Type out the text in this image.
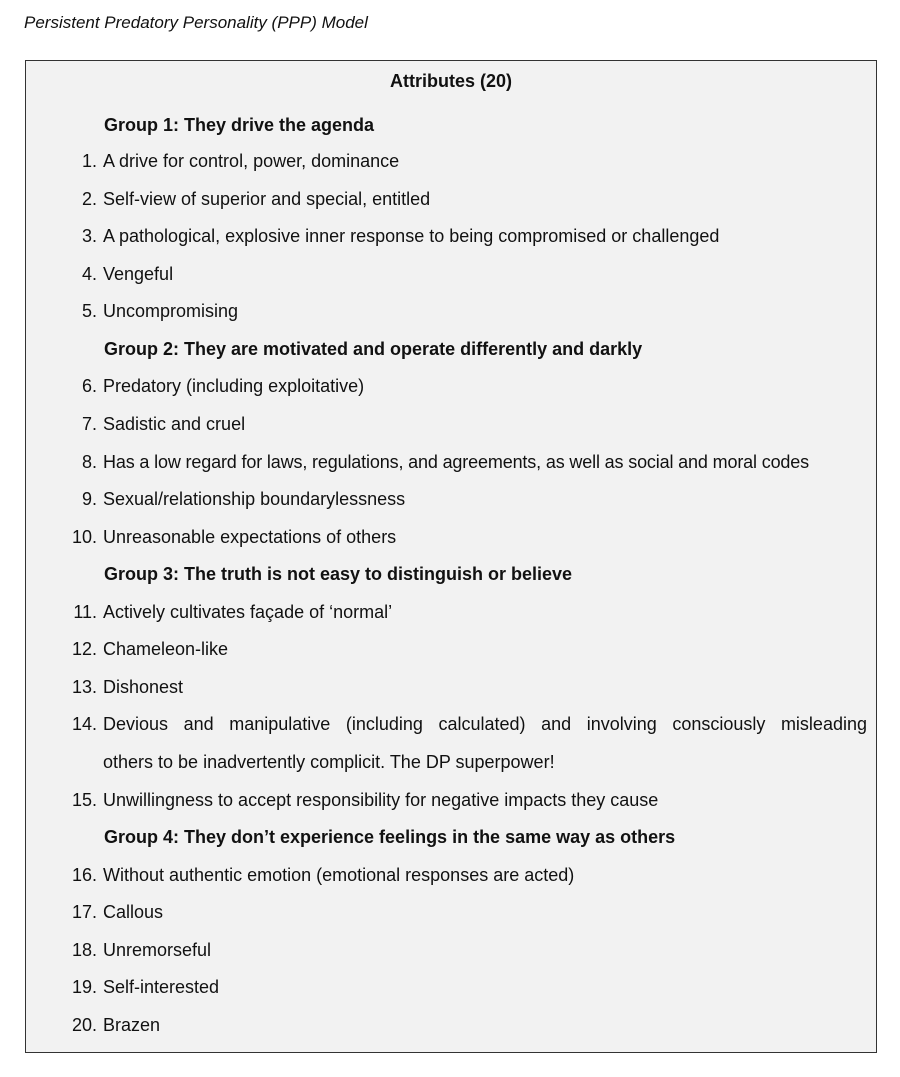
Persistent Predatory Personality (PPP) Model
Attributes (20)
Group 1: They drive the agenda
1. A drive for control, power, dominance
2. Self-view of superior and special, entitled
3. A pathological, explosive inner response to being compromised or challenged
4. Vengeful
5. Uncompromising
Group 2: They are motivated and operate differently and darkly
6. Predatory (including exploitative)
7. Sadistic and cruel
8. Has a low regard for laws, regulations, and agreements, as well as social and moral codes
9. Sexual/relationship boundarylessness
10. Unreasonable expectations of others
Group 3: The truth is not easy to distinguish or believe
11. Actively cultivates façade of ‘normal’
12. Chameleon-like
13. Dishonest
14. Devious and manipulative (including calculated) and involving consciously misleading
others to be inadvertently complicit. The DP superpower!
15. Unwillingness to accept responsibility for negative impacts they cause
Group 4: They don’t experience feelings in the same way as others
16. Without authentic emotion (emotional responses are acted)
17. Callous
18. Unremorseful
19. Self-interested
20. Brazen
